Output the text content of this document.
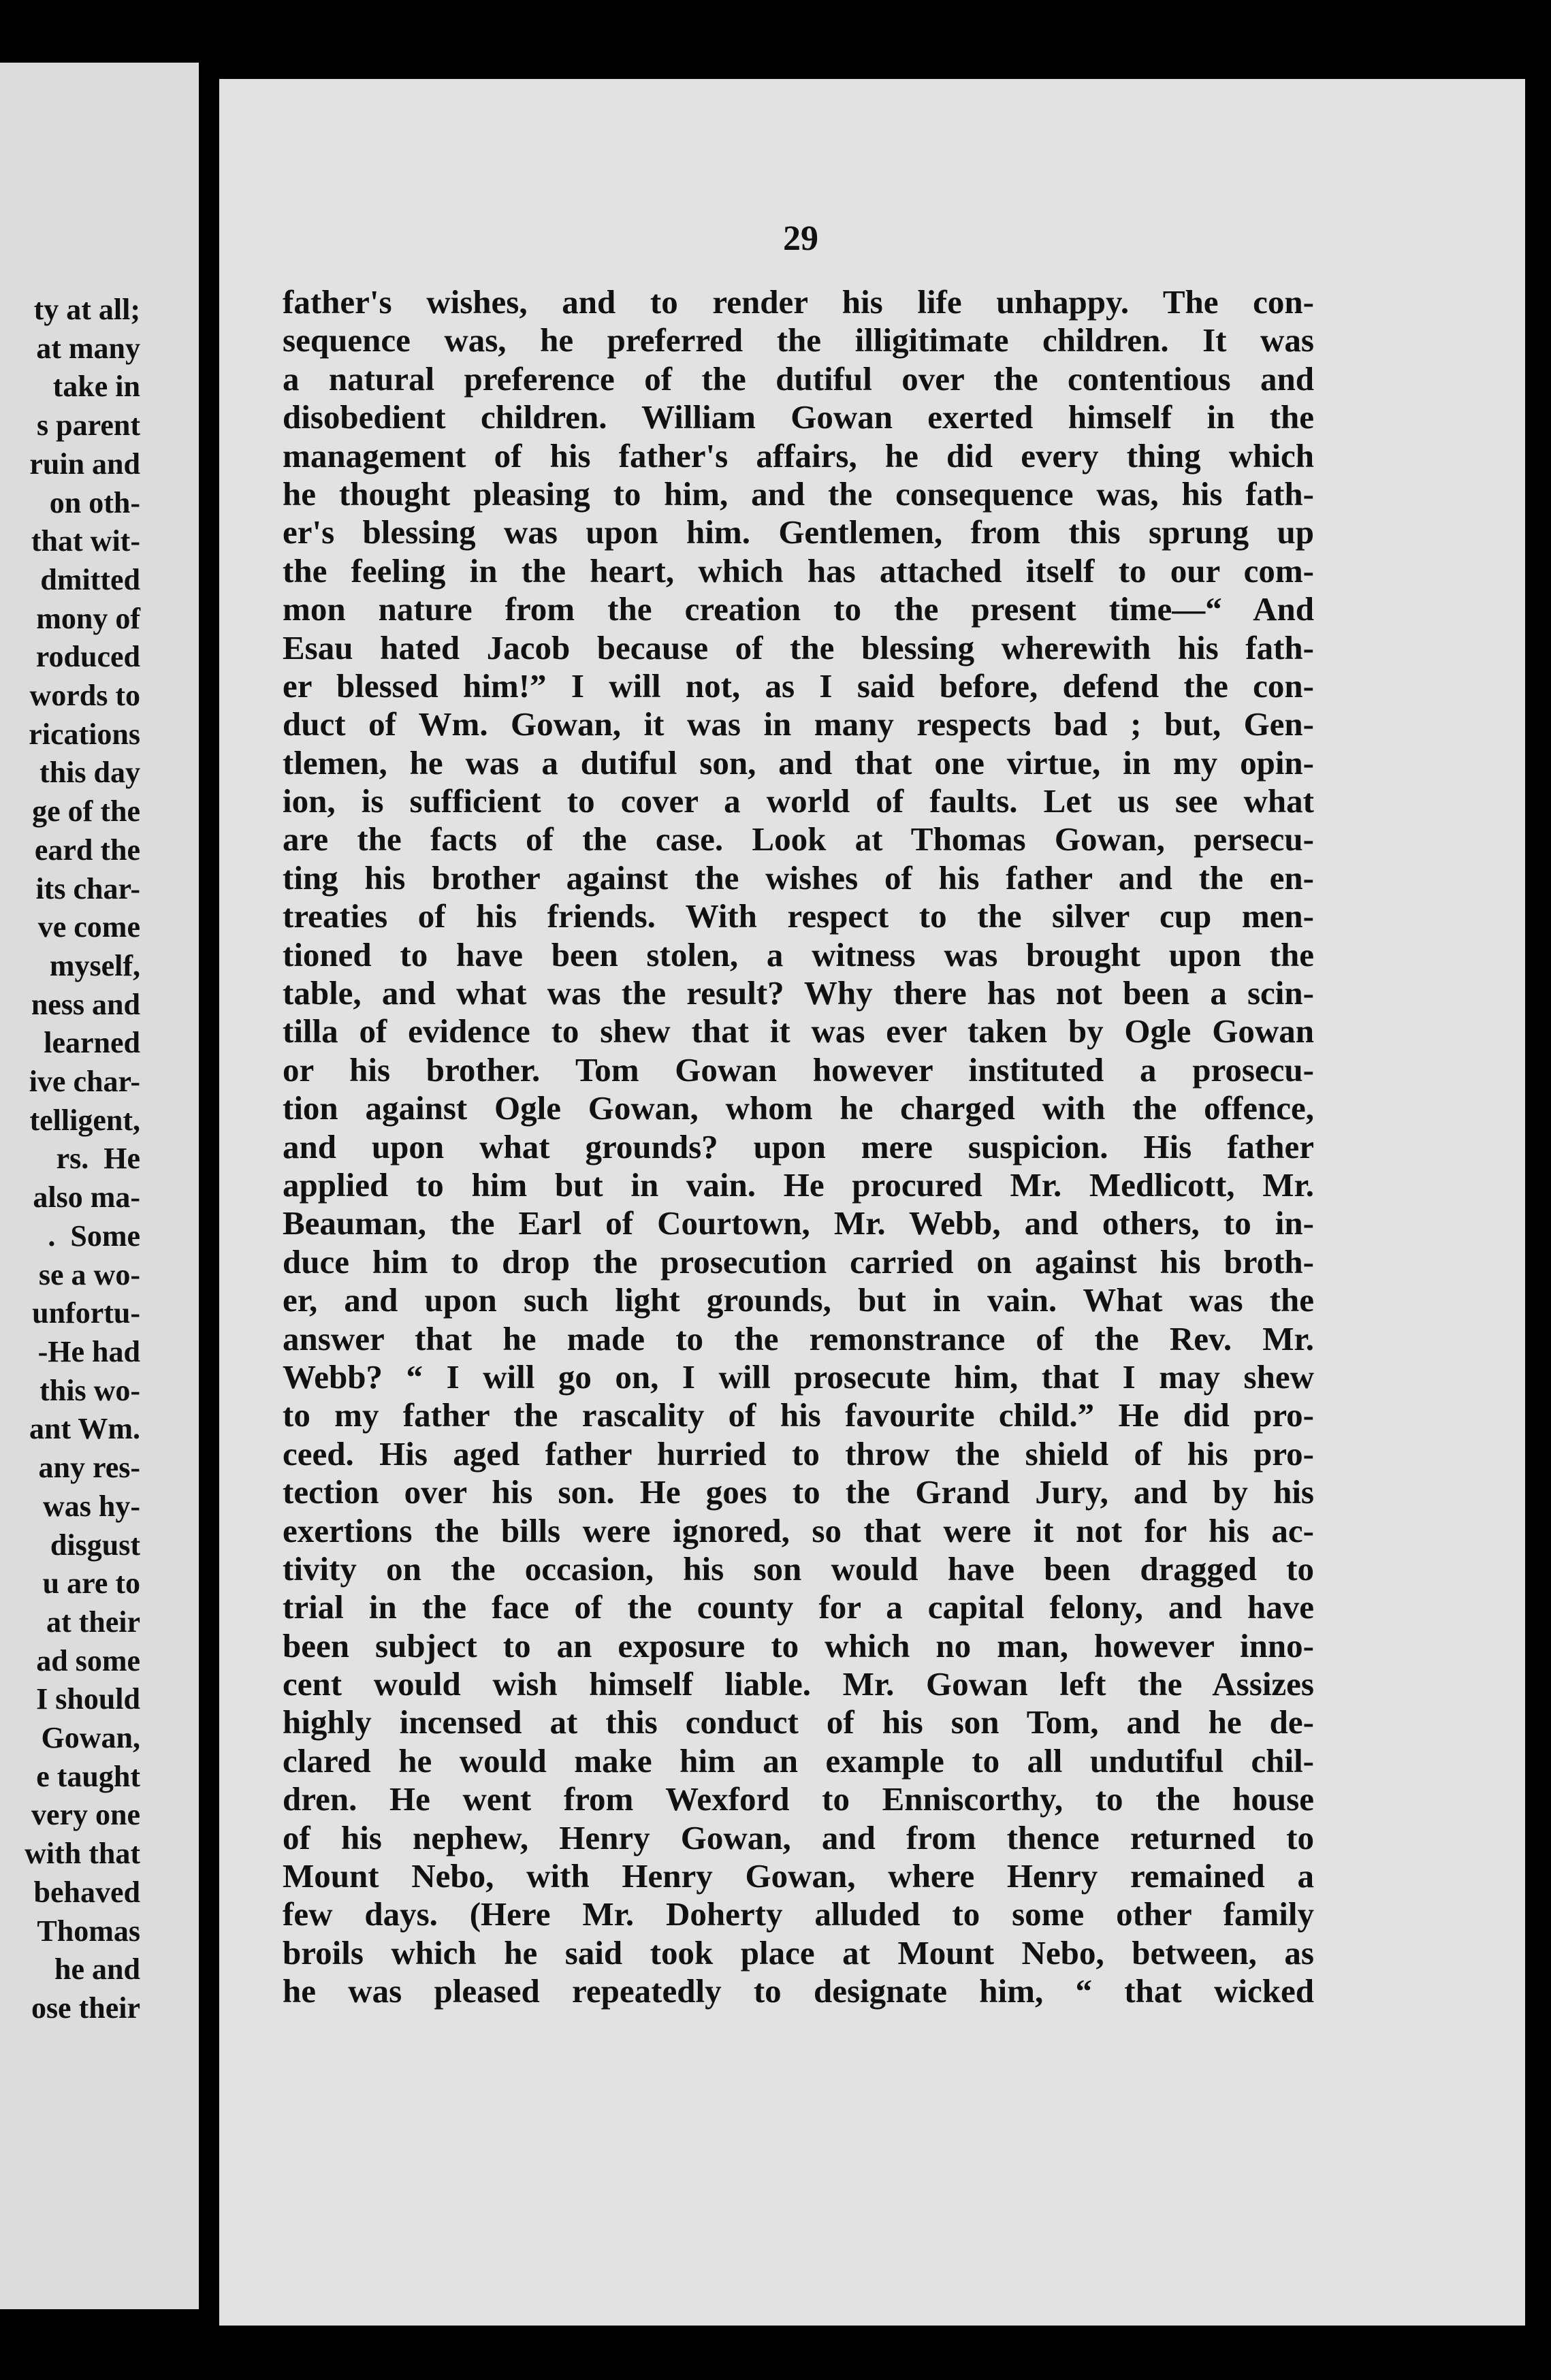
ty at all;
at many
take in
s parent
ruin and
on oth-
that wit-
dmitted
mony of
roduced
words to
rications
this day
ge of the
eard the
its char-
ve come
myself,
ness and
learned
ive char-
telligent,
rs.  He
also ma-
.  Some
se a wo-
unfortu-
-He had
this wo-
ant Wm.
any res-
was hy-
disgust
u are to
at their
ad some
I should
Gowan,
e taught
very one
with that
behaved
Thomas
he and
ose their
29
father's wishes, and to render his life unhappy. The con-
sequence was, he preferred the illigitimate children. It was
a natural preference of the dutiful over the contentious and
disobedient children. William Gowan exerted himself in the
management of his father's affairs, he did every thing which
he thought pleasing to him, and the consequence was, his fath-
er's blessing was upon him. Gentlemen, from this sprung up
the feeling in the heart, which has attached itself to our com-
mon nature from the creation to the present time—“ And
Esau hated Jacob because of the blessing wherewith his fath-
er blessed him!” I will not, as I said before, defend the con-
duct of Wm. Gowan, it was in many respects bad ; but, Gen-
tlemen, he was a dutiful son, and that one virtue, in my opin-
ion, is sufficient to cover a world of faults. Let us see what
are the facts of the case. Look at Thomas Gowan, persecu-
ting his brother against the wishes of his father and the en-
treaties of his friends. With respect to the silver cup men-
tioned to have been stolen, a witness was brought upon the
table, and what was the result? Why there has not been a scin-
tilla of evidence to shew that it was ever taken by Ogle Gowan
or his brother. Tom Gowan however instituted a prosecu-
tion against Ogle Gowan, whom he charged with the offence,
and upon what grounds? upon mere suspicion. His father
applied to him but in vain. He procured Mr. Medlicott, Mr.
Beauman, the Earl of Courtown, Mr. Webb, and others, to in-
duce him to drop the prosecution carried on against his broth-
er, and upon such light grounds, but in vain. What was the
answer that he made to the remonstrance of the Rev. Mr.
Webb? “ I will go on, I will prosecute him, that I may shew
to my father the rascality of his favourite child.” He did pro-
ceed. His aged father hurried to throw the shield of his pro-
tection over his son. He goes to the Grand Jury, and by his
exertions the bills were ignored, so that were it not for his ac-
tivity on the occasion, his son would have been dragged to
trial in the face of the county for a capital felony, and have
been subject to an exposure to which no man, however inno-
cent would wish himself liable. Mr. Gowan left the Assizes
highly incensed at this conduct of his son Tom, and he de-
clared he would make him an example to all undutiful chil-
dren. He went from Wexford to Enniscorthy, to the house
of his nephew, Henry Gowan, and from thence returned to
Mount Nebo, with Henry Gowan, where Henry remained a
few days. (Here Mr. Doherty alluded to some other family
broils which he said took place at Mount Nebo, between, as
he was pleased repeatedly to designate him, “ that wicked
